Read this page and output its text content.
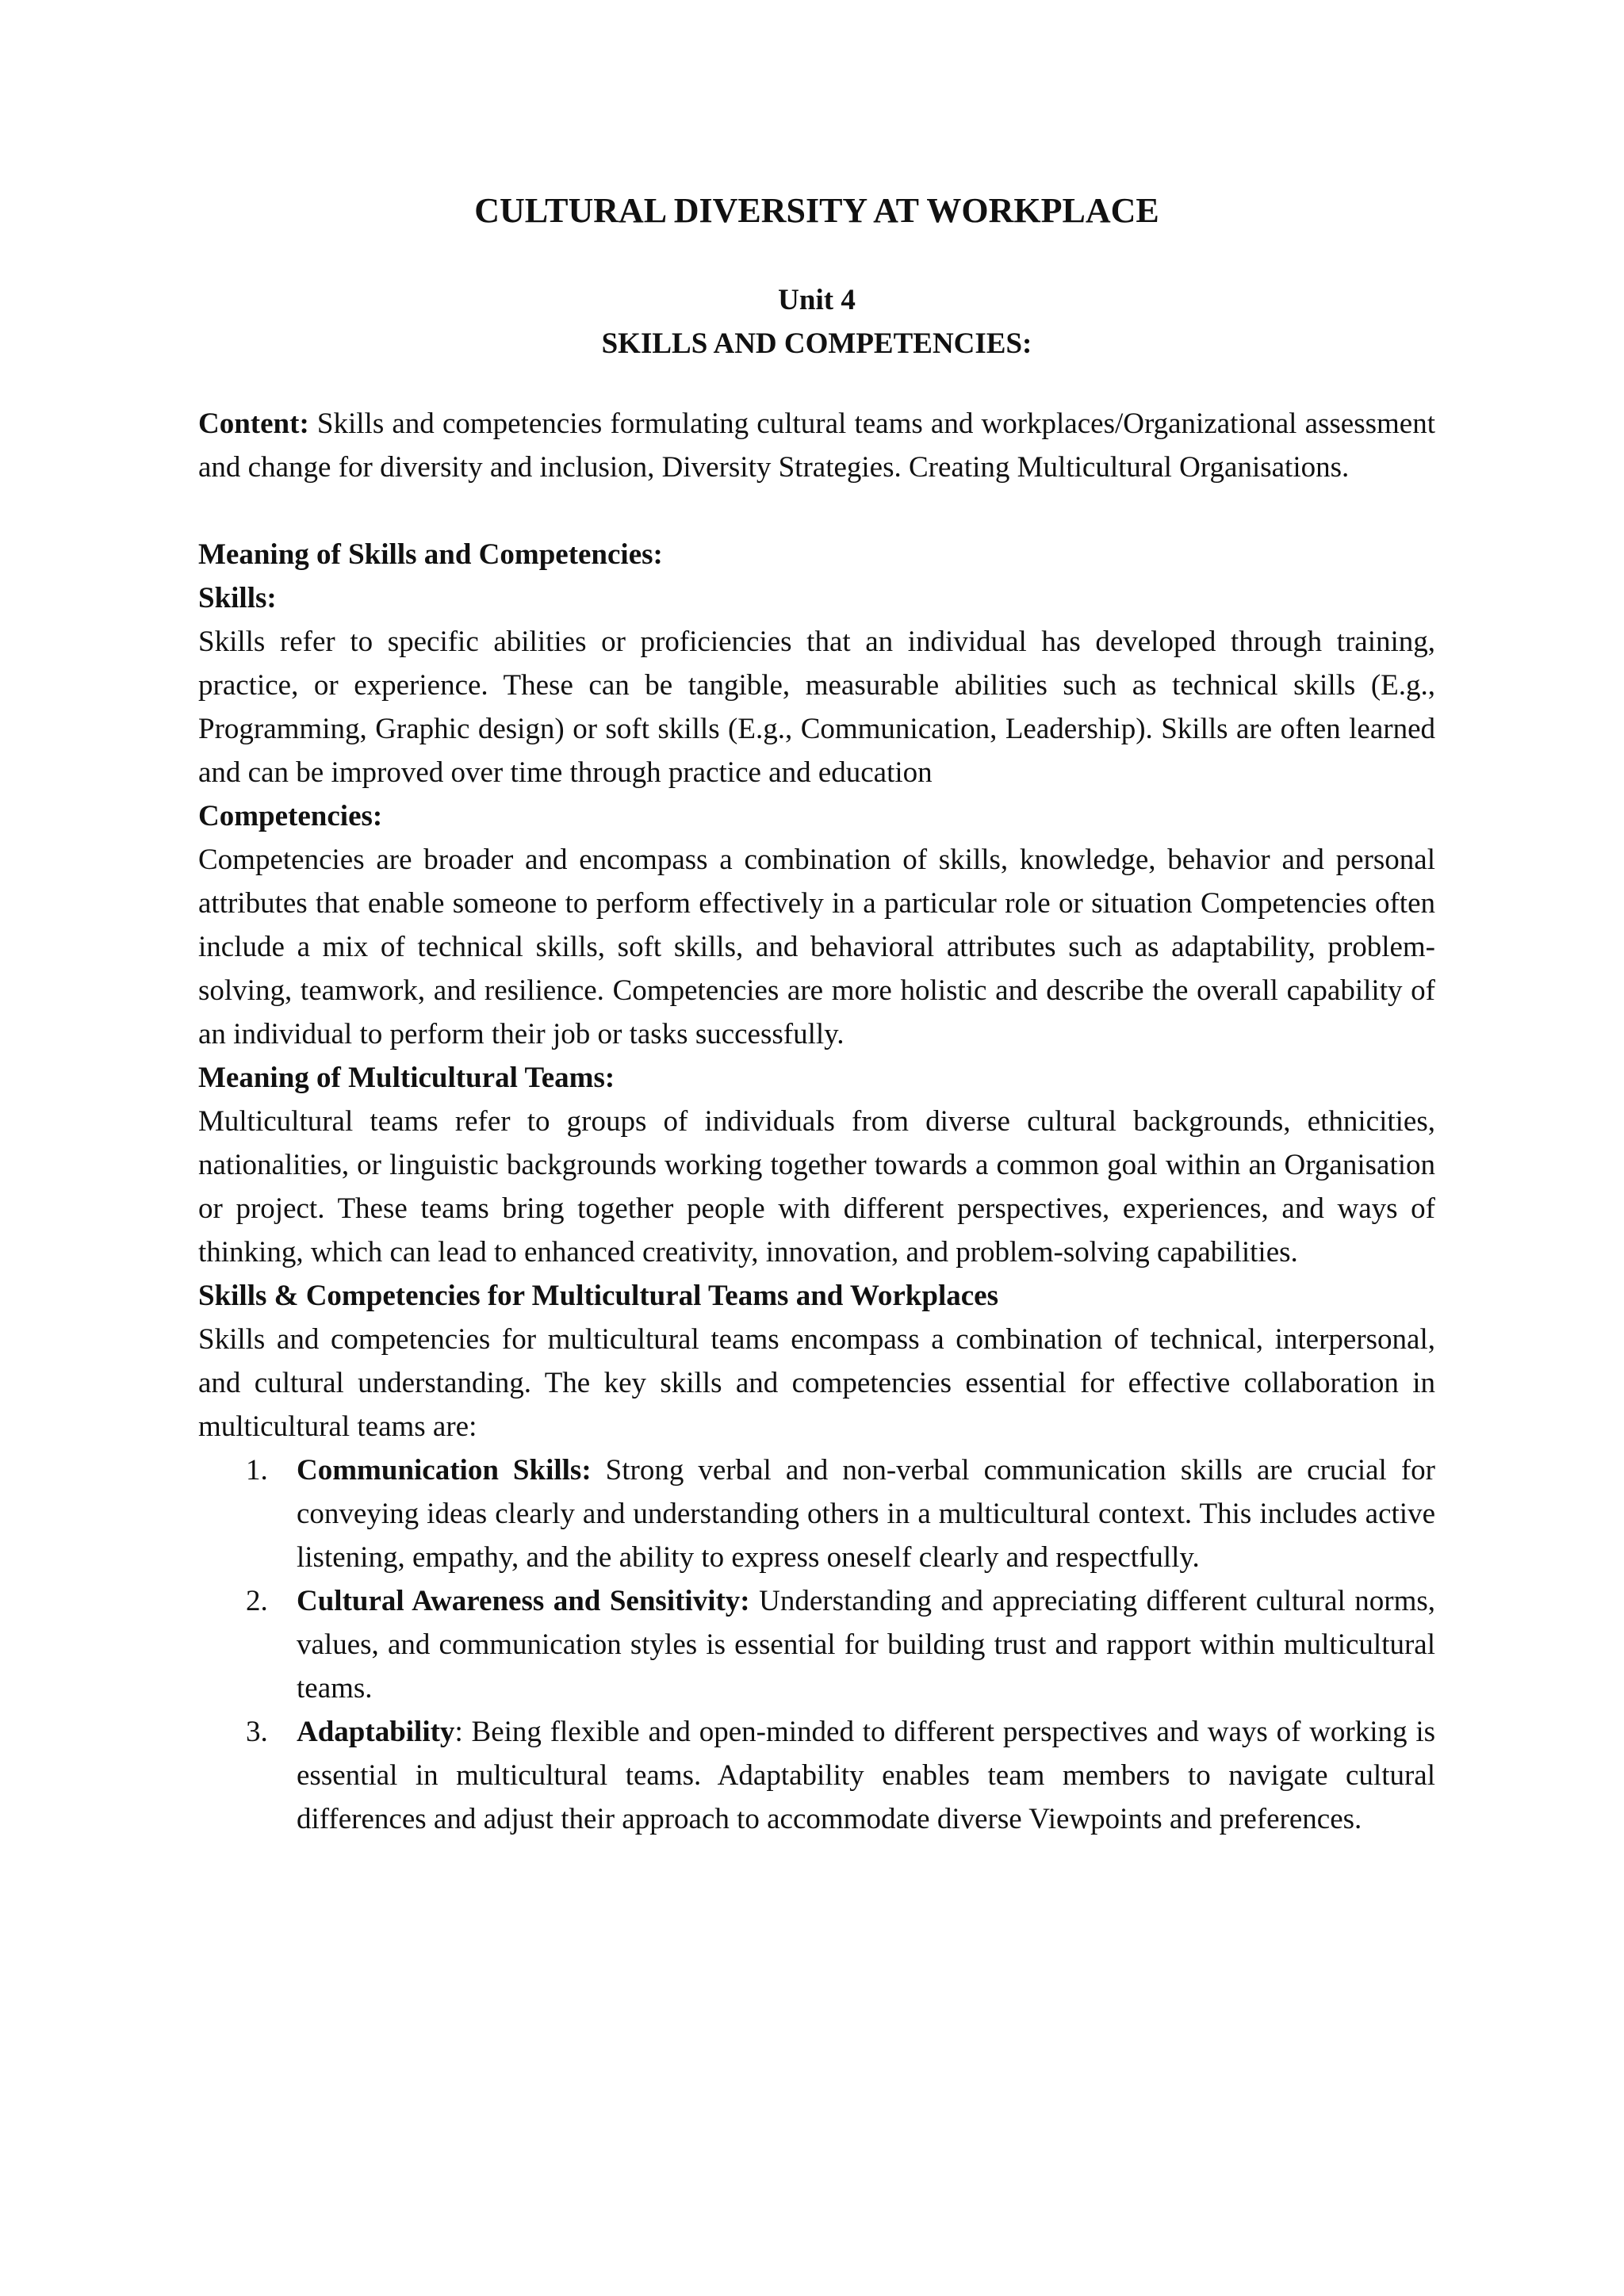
CULTURAL DIVERSITY AT WORKPLACE
Unit 4
SKILLS AND COMPETENCIES:

Content: Skills and competencies formulating cultural teams and workplaces/Organizational assessment and change for diversity and inclusion, Diversity Strategies. Creating Multicultural Organisations.

Meaning of Skills and Competencies:

Skills:

Skills refer to specific abilities or proficiencies that an individual has developed through training, practice, or experience. These can be tangible, measurable abilities such as technical skills (E.g., Programming, Graphic design) or soft skills (E.g., Communication, Leadership). Skills are often learned and can be improved over time through practice and education

Competencies:

Competencies are broader and encompass a combination of skills, knowledge, behavior and personal attributes that enable someone to perform effectively in a particular role or situation Competencies often include a mix of technical skills, soft skills, and behavioral attributes such as adaptability, problem-solving, teamwork, and resilience. Competencies are more holistic and describe the overall capability of an individual to perform their job or tasks successfully.

Meaning of Multicultural Teams:

Multicultural teams refer to groups of individuals from diverse cultural backgrounds, ethnicities, nationalities, or linguistic backgrounds working together towards a common goal within an Organisation or project. These teams bring together people with different perspectives, experiences, and ways of thinking, which can lead to enhanced creativity, innovation, and problem-solving capabilities.

Skills & Competencies for Multicultural Teams and Workplaces

Skills and competencies for multicultural teams encompass a combination of technical, interpersonal, and cultural understanding. The key skills and competencies essential for effective collaboration in multicultural teams are:

1. Communication Skills: Strong verbal and non-verbal communication skills are crucial for conveying ideas clearly and understanding others in a multicultural context. This includes active listening, empathy, and the ability to express oneself clearly and respectfully.
2. Cultural Awareness and Sensitivity: Understanding and appreciating different cultural norms, values, and communication styles is essential for building trust and rapport within multicultural teams.
3. Adaptability: Being flexible and open-minded to different perspectives and ways of working is essential in multicultural teams. Adaptability enables team members to navigate cultural differences and adjust their approach to accommodate diverse Viewpoints and preferences.
